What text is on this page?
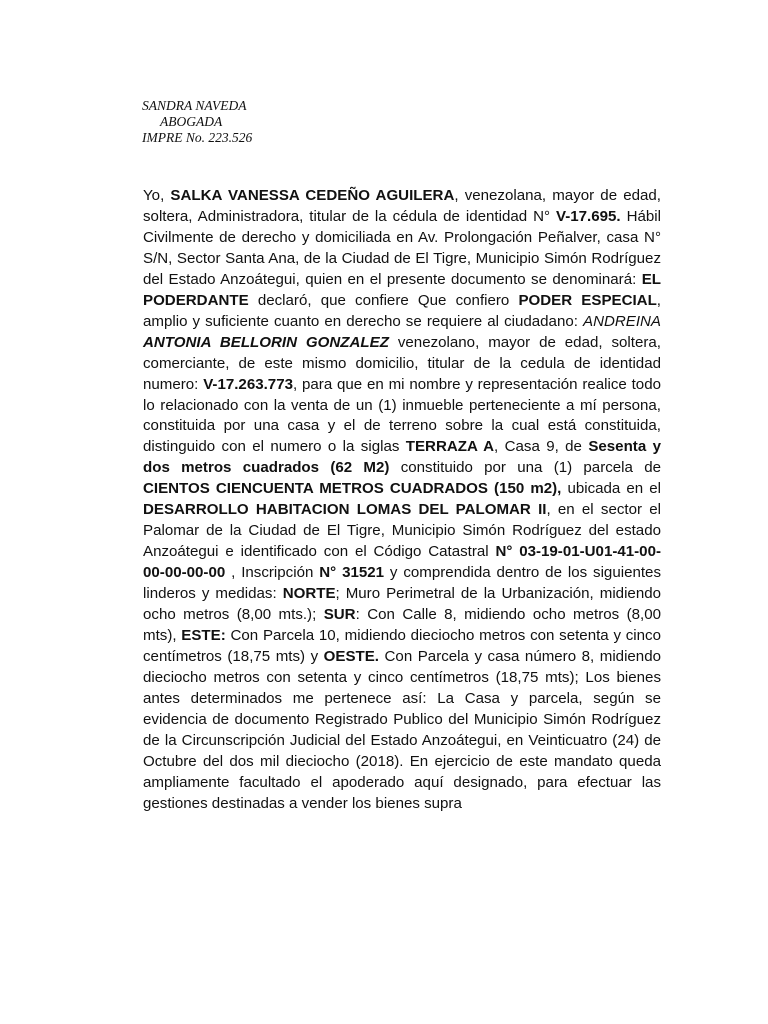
SANDRA NAVEDA
ABOGADA
IMPRE No. 223.526

Yo, SALKA VANESSA CEDEÑO AGUILERA, venezolana, mayor de edad, soltera, Administradora, titular de la cédula de identidad N° V-17.695. Hábil Civilmente de derecho y domiciliada en Av. Prolongación Peñalver, casa N° S/N, Sector Santa Ana, de la Ciudad de El Tigre, Municipio Simón Rodríguez del Estado Anzoátegui, quien en el presente documento se denominará: EL PODERDANTE declaró, que confiere Que confiero PODER ESPECIAL, amplio y suficiente cuanto en derecho se requiere al ciudadano: ANDREINA ANTONIA BELLORIN GONZALEZ venezolano, mayor de edad, soltera, comerciante, de este mismo domicilio, titular de la cedula de identidad numero: V-17.263.773, para que en mi nombre y representación realice todo lo relacionado con la venta de un (1) inmueble perteneciente a mí persona, constituida por una casa y el de terreno sobre la cual está constituida, distinguido con el numero o la siglas TERRAZA A, Casa 9, de Sesenta y dos metros cuadrados (62 M2) constituido por una (1) parcela de CIENTOS CIENCUENTA METROS CUADRADOS (150 m2), ubicada en el DESARROLLO HABITACION LOMAS DEL PALOMAR II, en el sector el Palomar de la Ciudad de El Tigre, Municipio Simón Rodríguez del estado Anzoátegui e identificado con el Código Catastral N° 03-19-01-U01-41-00-00-00-00-00 , Inscripción N° 31521 y comprendida dentro de los siguientes linderos y medidas: NORTE; Muro Perimetral de la Urbanización, midiendo ocho metros (8,00 mts.); SUR: Con Calle 8, midiendo ocho metros (8,00 mts), ESTE: Con Parcela 10, midiendo dieciocho metros con setenta y cinco centímetros (18,75 mts) y OESTE. Con Parcela y casa número 8, midiendo dieciocho metros con setenta y cinco centímetros (18,75 mts); Los bienes antes determinados me pertenece así: La Casa y parcela, según se evidencia de documento Registrado Publico del Municipio Simón Rodríguez de la Circunscripción Judicial del Estado Anzoátegui, en Veinticuatro (24) de Octubre del dos mil dieciocho (2018). En ejercicio de este mandato queda ampliamente facultado el apoderado aquí designado, para efectuar las gestiones destinadas a vender los bienes supra
